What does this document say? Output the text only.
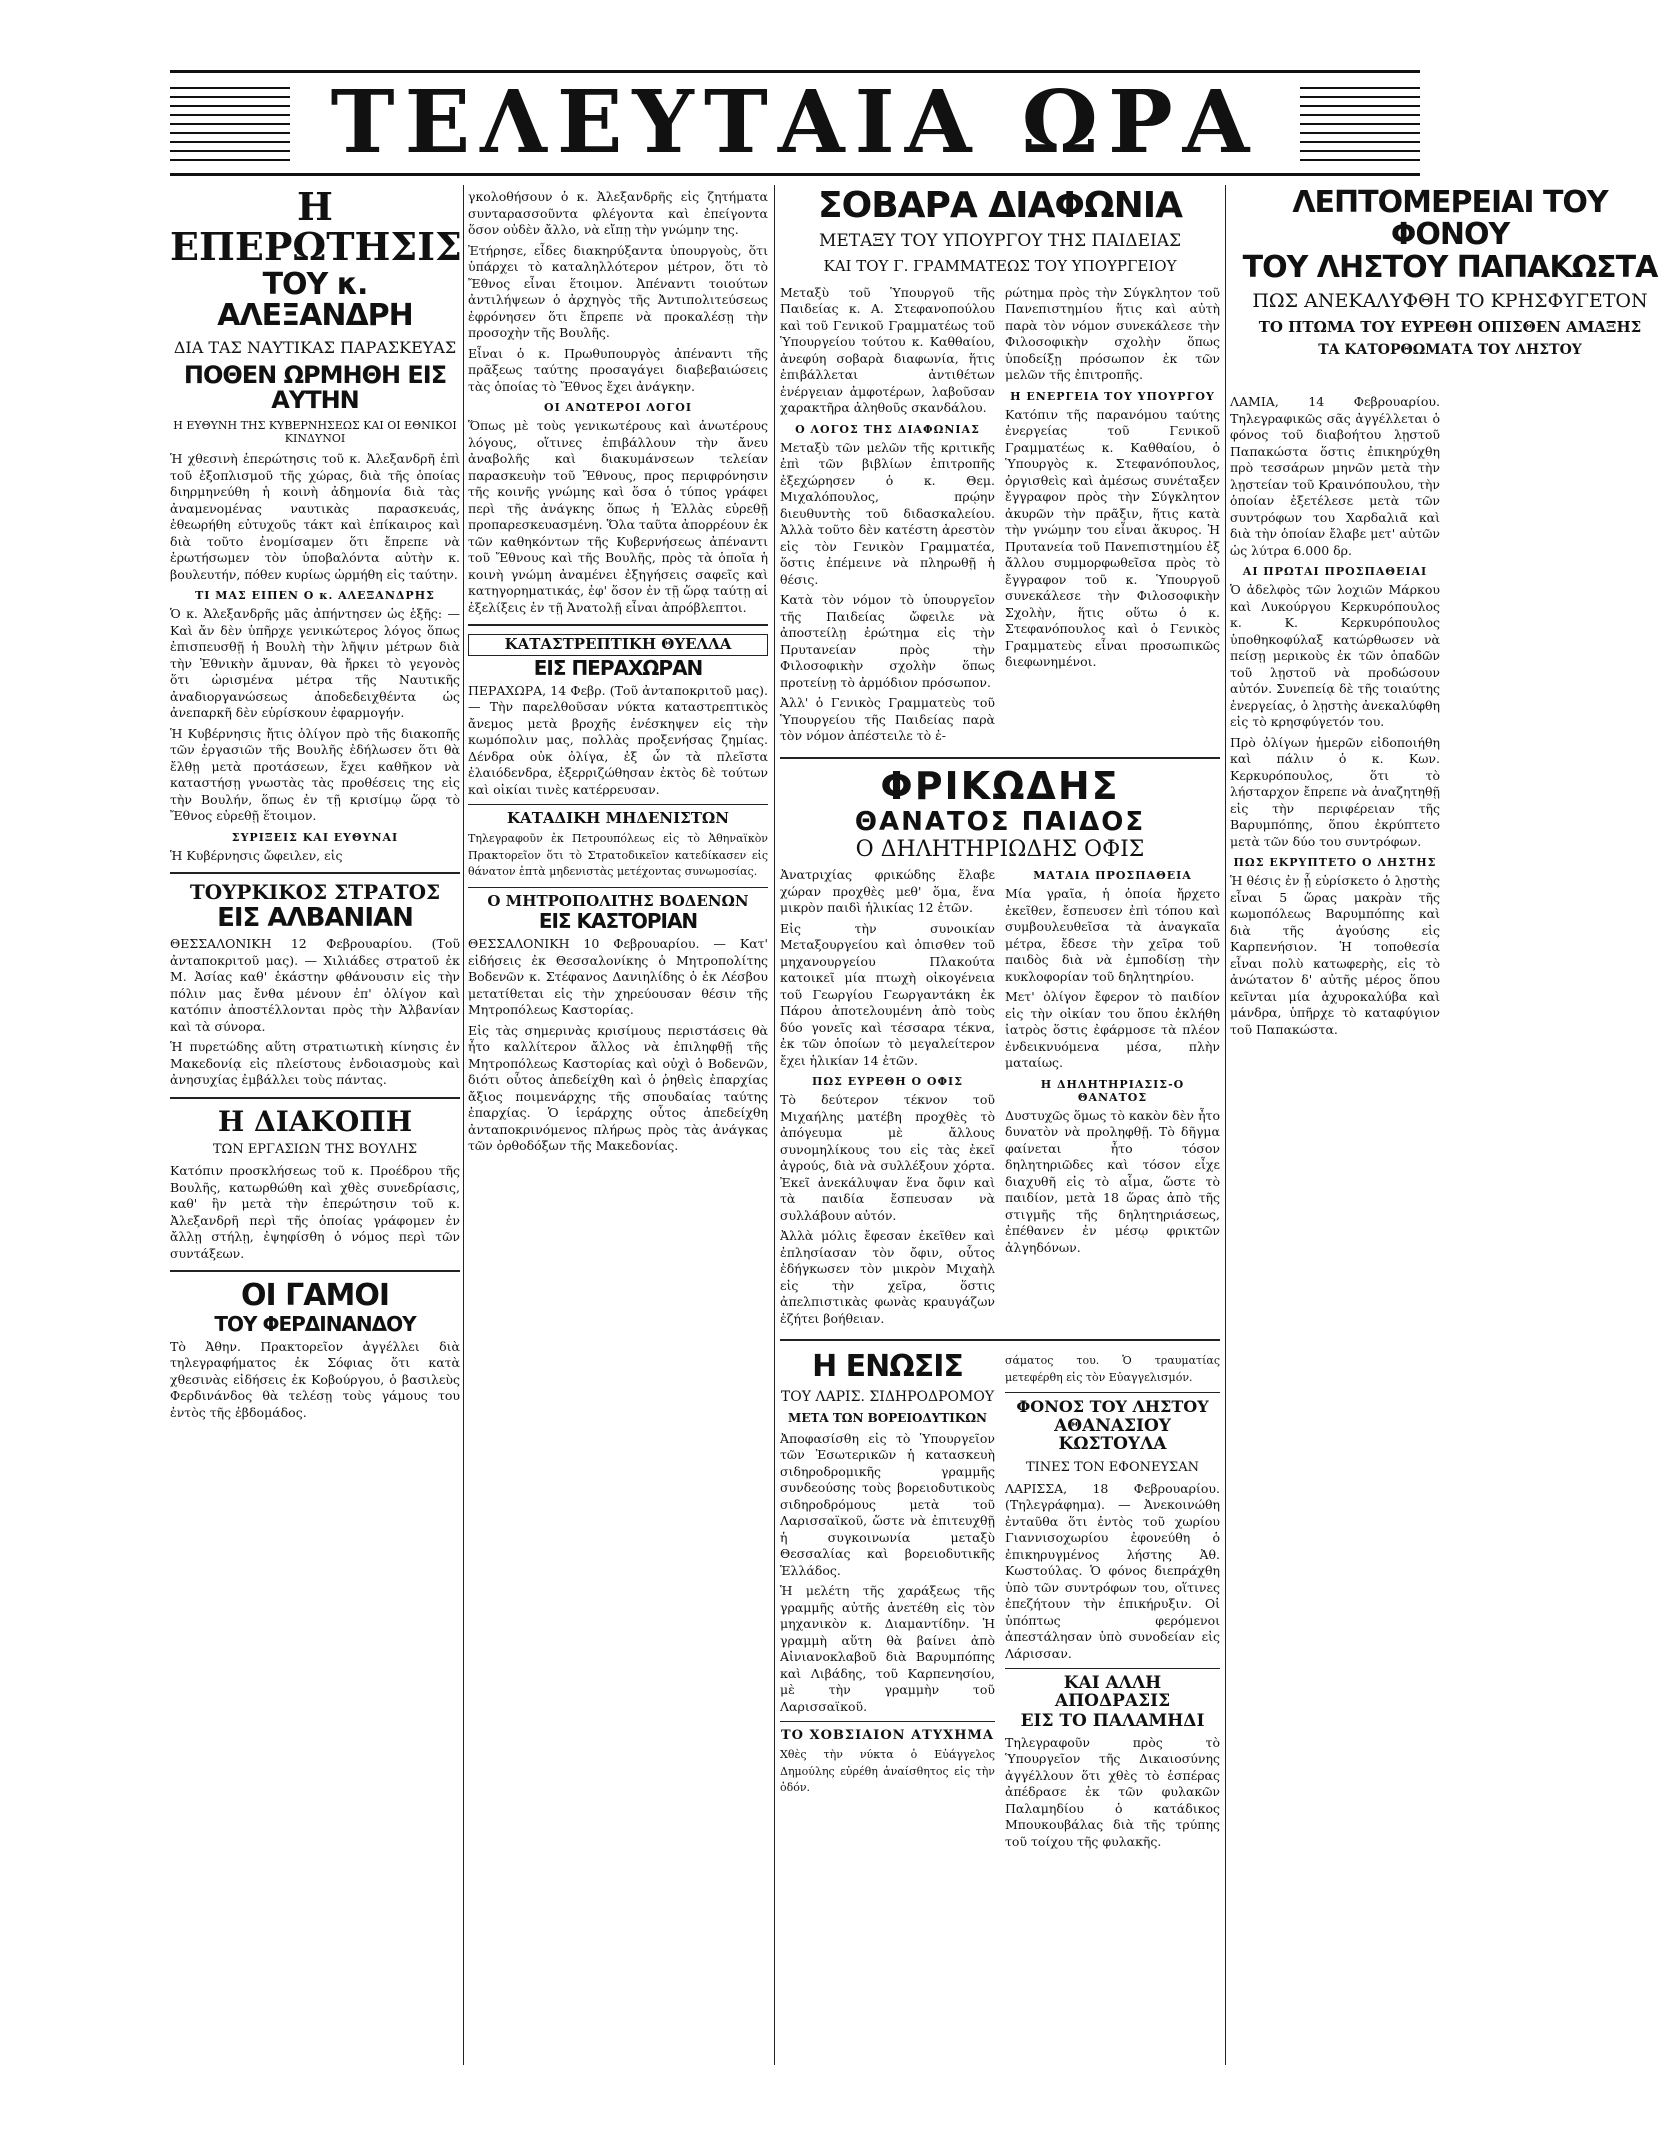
ΤΕΛΕΥΤΑΙΑ ΩΡΑ
Η ΕΠΕΡΩΤΗΣΙΣ
ΤΟΥ κ. ΑΛΕΞΑΝΔΡΗ
ΔΙΑ ΤΑΣ ΝΑΥΤΙΚΑΣ ΠΑΡΑΣΚΕΥΑΣ
ΠΟΘΕΝ ΩΡΜΗΘΗ ΕΙΣ ΑΥΤΗΝ
Η ΕΥΘΥΝΗ ΤΗΣ ΚΥΒΕΡΝΗΣΕΩΣ ΚΑΙ ΟΙ ΕΘΝΙΚΟΙ ΚΙΝΔΥΝΟΙ
Ἡ χθεσινὴ ἐπερώτησις τοῦ κ. Ἀλεξανδρῆ ἐπὶ τοῦ ἐξοπλισμοῦ τῆς χώρας, διὰ τῆς ὁποίας διηρμηνεύθη ἡ κοινὴ ἀδημονία διὰ τὰς ἀναμενομένας ναυτικὰς παρασκευάς, ἐθεωρήθη εὐτυχοῦς τάκτ καὶ ἐπίκαιρος καὶ διὰ τοῦτο ἐνομίσαμεν ὅτι ἔπρεπε νὰ ἐρωτήσωμεν τὸν ὑποβαλόντα αὐτὴν κ. βουλευτήν, πόθεν κυρίως ὡρμήθη εἰς ταύτην.
ΤΙ ΜΑΣ ΕΙΠΕΝ Ο κ. ΑΛΕΞΑΝΔΡΗΣ
Ὁ κ. Ἀλεξανδρῆς μᾶς ἀπήντησεν ὡς ἑξῆς: — Καὶ ἄν δὲν ὑπῆρχε γενικώτερος λόγος ὅπως ἐπισπευσθῇ ἡ Βουλὴ τὴν λῆψιν μέτρων διὰ τὴν Ἐθνικὴν ἄμυναν, θὰ ἤρκει τὸ γεγονὸς ὅτι ὡρισμένα μέτρα τῆς Ναυτικῆς ἀναδιοργανώσεως ἀποδεδειχθέντα ὡς ἀνεπαρκῆ δὲν εὑρίσκουν ἐφαρμογήν.
Ἡ Κυβέρνησις ἤτις ὀλίγον πρὸ τῆς διακοπῆς τῶν ἐργασιῶν τῆς Βουλῆς ἐδήλωσεν ὅτι θὰ ἔλθῃ μετὰ προτάσεων, ἔχει καθῆκον νὰ καταστήσῃ γνωστὰς τὰς προθέσεις της εἰς τὴν Βουλήν, ὅπως ἐν τῇ κρισίμῳ ὥρᾳ τὸ Ἔθνος εὑρεθῇ ἕτοιμον.
ΣΥΡΙΞΕΙΣ ΚΑΙ ΕΥΘΥΝΑΙ
Ἡ Κυβέρνησις ὤφειλεν, εἰς
ΤΟΥΡΚΙΚΟΣ ΣΤΡΑΤΟΣ
ΕΙΣ ΑΛΒΑΝΙΑΝ
ΘΕΣΣΑΛΟΝΙΚΗ 12 Φεβρουαρίου. (Τοῦ ἀνταποκριτοῦ μας). — Χιλιάδες στρατοῦ ἐκ Μ. Ἀσίας καθ' ἑκάστην φθάνουσιν εἰς τὴν πόλιν μας ἔνθα μένουν ἐπ' ὀλίγον καὶ κατόπιν ἀποστέλλονται πρὸς τὴν Ἀλβανίαν καὶ τὰ σύνορα.
Ἡ πυρετώδης αὕτη στρατιωτικὴ κίνησις ἐν Μακεδονίᾳ εἰς πλείστους ἐνδοιασμοὺς καὶ ἀνησυχίας ἐμβάλλει τοὺς πάντας.
Η ΔΙΑΚΟΠΗ
ΤΩΝ ΕΡΓΑΣΙΩΝ ΤΗΣ ΒΟΥΛΗΣ
Κατόπιν προσκλήσεως τοῦ κ. Προέδρου τῆς Βουλῆς, κατωρθώθη καὶ χθὲς συνεδρίασις, καθ' ἣν μετὰ τὴν ἐπερώτησιν τοῦ κ. Ἀλεξανδρῆ περὶ τῆς ὁποίας γράφομεν ἐν ἄλλῃ στήλῃ, ἐψηφίσθη ὁ νόμος περὶ τῶν συντάξεων.
ΟΙ ΓΑΜΟΙ
ΤΟΥ ΦΕΡΔΙΝΑΝΔΟΥ
Τὸ Ἀθην. Πρακτορεῖον ἀγγέλλει διὰ τηλεγραφήματος ἐκ Σόφιας ὅτι κατὰ χθεσινὰς εἰδήσεις ἐκ Κοβούργου, ὁ βασιλεὺς Φερδινάνδος θὰ τελέσῃ τοὺς γάμους του ἐντὸς τῆς ἐβδομάδος.
γκολοθήσουν ὁ κ. Ἀλεξανδρῆς εἰς ζητήματα συνταρασσοῦντα φλέγοντα καὶ ἐπείγοντα ὅσον οὐδὲν ἄλλο, νὰ εἴπῃ τὴν γνώμην της.
Ἐτήρησε, εἶδες διακηρύξαντα ὑπουργοὺς, ὅτι ὑπάρχει τὸ καταληλλότερον μέτρον, ὅτι τὸ Ἔθνος εἶναι ἕτοιμον. Ἀπέναντι τοιούτων ἀντιλήψεων ὁ ἀρχηγὸς τῆς Ἀντιπολιτεύσεως ἐφρόνησεν ὅτι ἔπρεπε νὰ προκαλέσῃ τὴν προσοχὴν τῆς Βουλῆς.
Εἶναι ὁ κ. Πρωθυπουργὸς ἀπέναντι τῆς πρᾶξεως ταύτης προσαγάγει διαβεβαιώσεις τὰς ὁποίας τὸ Ἔθνος ἔχει ἀνάγκην.
ΟΙ ΑΝΩΤΕΡΟΙ ΛΟΓΟΙ
Ὅπως μὲ τοὺς γενικωτέρους καὶ ἀνωτέρους λόγους, οἵτινες ἐπιβάλλουν τὴν ἄνευ ἀναβολῆς καὶ διακυμάνσεων τελείαν παρασκευὴν τοῦ Ἔθνους, προς περιφρόνησιν τῆς κοινῆς γνώμης καὶ ὅσα ὁ τύπος γράφει περὶ τῆς ἀνάγκης ὅπως ἡ Ἑλλὰς εὑρεθῇ προπαρεσκευασμένη. Ὅλα ταῦτα ἀπορρέουν ἐκ τῶν καθηκόντων τῆς Κυβερνήσεως ἀπέναντι τοῦ Ἔθνους καὶ τῆς Βουλῆς, πρὸς τὰ ὁποῖα ἡ κοινὴ γνώμη ἀναμένει ἐξηγήσεις σαφεῖς καὶ κατηγορηματικάς, ἐφ' ὅσον ἐν τῇ ὥρᾳ ταύτῃ αἱ ἐξελίξεις ἐν τῇ Ἀνατολῇ εἶναι ἀπρόβλεπτοι.
ΚΑΤΑΣΤΡΕΠΤΙΚΗ ΘΥΕΛΛΑ
ΕΙΣ ΠΕΡΑΧΩΡΑΝ
ΠΕΡΑΧΩΡΑ, 14 Φεβρ. (Τοῦ ἀνταποκριτοῦ μας). — Τὴν παρελθοῦσαν νύκτα καταστρεπτικὸς ἄνεμος μετὰ βροχῆς ἐνέσκηψεν εἰς τὴν κωμόπολιν μας, πολλὰς προξενήσας ζημίας. Δένδρα οὐκ ὀλίγα, ἐξ ὧν τὰ πλεῖστα ἐλαιόδενδρα, ἐξερριζώθησαν ἐκτὸς δὲ τούτων καὶ οἰκίαι τινὲς κατέρρευσαν.
ΚΑΤΑΔΙΚΗ ΜΗΔΕΝΙΣΤΩΝ
Τηλεγραφοῦν ἐκ Πετρουπόλεως εἰς τὸ Ἀθηναϊκὸν Πρακτορεῖον ὅτι τὸ Στρατοδικεῖον κατεδίκασεν εἰς θάνατον ἑπτὰ μηδενιστὰς μετέχοντας συνωμοσίας.
Ο ΜΗΤΡΟΠΟΛΙΤΗΣ ΒΟΔΕΝΩΝ
ΕΙΣ ΚΑΣΤΟΡΙΑΝ
ΘΕΣΣΑΛΟΝΙΚΗ 10 Φεβρουαρίου. — Κατ' εἰδήσεις ἐκ Θεσσαλονίκης ὁ Μητροπολίτης Βοδενῶν κ. Στέφανος Δανιηλίδης ὁ ἐκ Λέσβου μετατίθεται εἰς τὴν χηρεύουσαν θέσιν τῆς Μητροπόλεως Καστορίας.
Εἰς τὰς σημερινὰς κρισίμους περιστάσεις θὰ ἦτο καλλίτερον ἄλλος νὰ ἐπιληφθῇ τῆς Μητροπόλεως Καστορίας καὶ οὐχὶ ὁ Βοδενῶν, διότι οὗτος ἀπεδείχθη καὶ ὁ ῥηθεὶς ἐπαρχίας ἄξιος ποιμενάρχης τῆς σπουδαίας ταύτης ἐπαρχίας. Ὁ ἱεράρχης οὗτος ἀπεδείχθη ἀνταποκρινόμενος πλήρως πρὸς τὰς ἀνάγκας τῶν ὀρθοδόξων τῆς Μακεδονίας.
ΣΟΒΑΡΑ ΔΙΑΦΩΝΙΑ
ΜΕΤΑΞΥ ΤΟΥ ΥΠΟΥΡΓΟΥ ΤΗΣ ΠΑΙΔΕΙΑΣ
ΚΑΙ ΤΟΥ Γ. ΓΡΑΜΜΑΤΕΩΣ ΤΟΥ ΥΠΟΥΡΓΕΙΟΥ
Μεταξὺ τοῦ Ὑπουργοῦ τῆς Παιδείας κ. Α. Στεφανοπούλου καὶ τοῦ Γενικοῦ Γραμματέως τοῦ Ὑπουργείου τούτου κ. Καθθαίου, ἀνεφύη σοβαρὰ διαφωνία, ἥτις ἐπιβάλλεται ἀντιθέτων ἐνέργειαν ἀμφοτέρων, λαβοῦσαν χαρακτῆρα ἀληθοῦς σκανδάλου.
Ο ΛΟΓΟΣ ΤΗΣ ΔΙΑΦΩΝΙΑΣ
Μεταξὺ τῶν μελῶν τῆς κριτικῆς ἐπὶ τῶν βιβλίων ἐπιτροπῆς ἐξεχώρησεν ὁ κ. Θεμ. Μιχαλόπουλος, πρῴην διευθυντὴς τοῦ διδασκαλείου. Ἀλλὰ τοῦτο δὲν κατέστη ἀρεστὸν εἰς τὸν Γενικὸν Γραμματέα, ὅστις ἐπέμεινε νὰ πληρωθῇ ἡ θέσις.
Κατὰ τὸν νόμον τὸ ὑπουργεῖον τῆς Παιδείας ὤφειλε νὰ ἀποστείλῃ ἐρώτημα εἰς τὴν Πρυτανείαν πρὸς τὴν Φιλοσοφικὴν σχολὴν ὅπως προτείνῃ τὸ ἀρμόδιον πρόσωπον.
Ἀλλ' ὁ Γενικὸς Γραμματεὺς τοῦ Ὑπουργείου τῆς Παιδείας παρὰ τὸν νόμον ἀπέστειλε τὸ ἐ-
ρώτημα πρὸς τὴν Σύγκλητον τοῦ Πανεπιστημίου ἥτις καὶ αὐτὴ παρὰ τὸν νόμον συνεκάλεσε τὴν Φιλοσοφικὴν σχολὴν ὅπως ὑποδείξῃ πρόσωπον ἐκ τῶν μελῶν τῆς ἐπιτροπῆς.
Η ΕΝΕΡΓΕΙΑ ΤΟΥ ΥΠΟΥΡΓΟΥ
Κατόπιν τῆς παρανόμου ταύτης ἐνεργείας τοῦ Γενικοῦ Γραμματέως κ. Καθθαίου, ὁ Ὑπουργὸς κ. Στεφανόπουλος, ὀργισθεὶς καὶ ἀμέσως συνέταξεν ἔγγραφον πρὸς τὴν Σύγκλητον ἀκυρῶν τὴν πρᾶξιν, ἥτις κατὰ τὴν γνώμην του εἶναι ἄκυρος. Ἡ Πρυτανεία τοῦ Πανεπιστημίου ἐξ ἄλλου συμμορφωθεῖσα πρὸς τὸ ἔγγραφον τοῦ κ. Ὑπουργοῦ συνεκάλεσε τὴν Φιλοσοφικὴν Σχολὴν, ἥτις οὕτω ὁ κ. Στεφανόπουλος καὶ ὁ Γενικὸς Γραμματεὺς εἶναι προσωπικῶς διεφωνημένοι.
ΦΡΙΚΩΔΗΣ
ΘΑΝΑΤΟΣ ΠΑΙΔΟΣ
Ο ΔΗΛΗΤΗΡΙΩΔΗΣ ΟΦΙΣ
Ἀνατριχίας φρικώδης ἔλαβε χώραν προχθὲς μεθ' ὅμα, ἕνα μικρὸν παιδὶ ἡλικίας 12 ἐτῶν.
Εἰς τὴν συνοικίαν Μεταξουργείου καὶ ὁπισθεν τοῦ μηχανουργείου Πλακούτα κατοικεῖ μία πτωχὴ οἰκογένεια τοῦ Γεωργίου Γεωργαντάκη ἐκ Πάρου ἀποτελουμένη ἀπὸ τοὺς δύο γονεῖς καὶ τέσσαρα τέκνα, ἐκ τῶν ὁποίων τὸ μεγαλείτερον ἔχει ἡλικίαν 14 ἐτῶν.
ΠΩΣ ΕΥΡΕΘΗ Ο ΟΦΙΣ
Τὸ δεύτερον τέκνον τοῦ Μιχαήλης ματέβη προχθὲς τὸ ἀπόγευμα μὲ ἄλλους συνομηλίκους του εἰς τὰς ἐκεῖ ἀγρούς, διὰ νὰ συλλέξουν χόρτα. Ἐκεῖ ἀνεκάλυψαν ἕνα ὄφιν καὶ τὰ παιδία ἔσπευσαν νὰ συλλάβουν αὐτόν.
Ἀλλὰ μόλις ἔφεσαν ἐκεῖθεν καὶ ἐπλησίασαν τὸν ὄφιν, οὗτος ἐδήγκωσεν τὸν μικρὸν Μιχαὴλ εἰς τὴν χεῖρα, ὅστις ἀπελπιστικὰς φωνὰς κραυγάζων ἐζήτει βοήθειαν.
ΜΑΤΑΙΑ ΠΡΟΣΠΑΘΕΙΑ
Μία γραῖα, ἡ ὁποία ἤρχετο ἐκεῖθεν, ἔσπευσεν ἐπὶ τόπου καὶ συμβουλευθεῖσα τὰ ἀναγκαῖα μέτρα, ἔδεσε τὴν χεῖρα τοῦ παιδὸς διὰ νὰ ἐμποδίσῃ τὴν κυκλοφορίαν τοῦ δηλητηρίου.
Μετ' ὀλίγον ἔφερον τὸ παιδίον εἰς τὴν οἰκίαν του ὅπου ἐκλήθη ἰατρὸς ὅστις ἐφάρμοσε τὰ πλέον ἐνδεικνυόμενα μέσα, πλὴν ματαίως.
Η ΔΗΛΗΤΗΡΙΑΣΙΣ-Ο ΘΑΝΑΤΟΣ
Δυστυχῶς ὅμως τὸ κακὸν δὲν ἦτο δυνατὸν νὰ προληφθῇ. Τὸ δῆγμα φαίνεται ἦτο τόσον δηλητηριῶδες καὶ τόσον εἶχε διαχυθῆ εἰς τὸ αἷμα, ὥστε τὸ παιδίον, μετὰ 18 ὥρας ἀπὸ τῆς στιγμῆς τῆς δηλητηριάσεως, ἐπέθανεν ἐν μέσῳ φρικτῶν ἀλγηδόνων.
Η ΕΝΩΣΙΣ
ΤΟΥ ΛΑΡΙΣ. ΣΙΔΗΡΟΔΡΟΜΟΥ
ΜΕΤΑ ΤΩΝ ΒΟΡΕΙΟΔΥΤΙΚΩΝ
Ἀποφασίσθη εἰς τὸ Ὑπουργεῖον τῶν Ἐσωτερικῶν ἡ κατασκευὴ σιδηροδρομικῆς γραμμῆς συνδεούσης τοὺς βορειοδυτικοὺς σιδηροδρόμους μετὰ τοῦ Λαρισσαϊκοῦ, ὥστε νὰ ἐπιτευχθῇ ἡ συγκοινωνία μεταξὺ Θεσσαλίας καὶ βορειοδυτικῆς Ἑλλάδος.
Ἡ μελέτη τῆς χαράξεως τῆς γραμμῆς αὐτῆς ἀνετέθη εἰς τὸν μηχανικὸν κ. Διαμαντίδην. Ἡ γραμμὴ αὕτη θὰ βαίνει ἀπὸ Αἰνιανοκλαβοῦ διὰ Βαρυμπόπης καὶ Λιβάδης, τοῦ Καρπενησίου, μὲ τὴν γραμμὴν τοῦ Λαρισσαϊκοῦ.
ΤΟ ΧΟΒΣΙΑΙΟΝ ΑΤΥΧΗΜΑ
Χθὲς τὴν νύκτα ὁ Εὐάγγελος Δημούλης εὑρέθη ἀναίσθητος εἰς τὴν ὁδόν.
σάματος του. Ὁ τραυματίας μετεφέρθη εἰς τὸν Εὐαγγελισμόν.
ΦΟΝΟΣ ΤΟΥ ΛΗΣΤΟΥ
ΑΘΑΝΑΣΙΟΥ ΚΩΣΤΟΥΛΑ
ΤΙΝΕΣ ΤΟΝ ΕΦΟΝΕΥΣΑΝ
ΛΑΡΙΣΣΑ, 18 Φεβρουαρίου. (Τηλεγράφημα). — Ἀνεκοινώθη ἐνταῦθα ὅτι ἐντὸς τοῦ χωρίου Γιαννισοχωρίου ἐφονεύθη ὁ ἐπικηρυγμένος λήστης Ἀθ. Κωστούλας. Ὁ φόνος διεπράχθη ὑπὸ τῶν συντρόφων του, οἵτινες ἐπεζήτουν τὴν ἐπικήρυξιν. Οἱ ὑπόπτως φερόμενοι ἀπεστάλησαν ὑπὸ συνοδείαν εἰς Λάρισσαν.
ΚΑΙ ΑΛΛΗ ΑΠΟΔΡΑΣΙΣ
ΕΙΣ ΤΟ ΠΑΛΑΜΗΔΙ
Τηλεγραφοῦν πρὸς τὸ Ὑπουργεῖον τῆς Δικαιοσύνης ἀγγέλλουν ὅτι χθὲς τὸ ἑσπέρας ἀπέδρασε ἐκ τῶν φυλακῶν Παλαμηδίου ὁ κατάδικος Μπουκουβάλας διὰ τῆς τρύπης τοῦ τοίχου τῆς φυλακῆς.
ΛΕΠΤΟΜΕΡΕΙΑΙ ΤΟΥ ΦΟΝΟΥ
ΤΟΥ ΛΗΣΤΟΥ ΠΑΠΑΚΩΣΤΑ
ΠΩΣ ΑΝΕΚΑΛΥΦΘΗ ΤΟ ΚΡΗΣΦΥΓΕΤΟΝ
ΤΟ ΠΤΩΜΑ ΤΟΥ ΕΥΡΕΘΗ ΟΠΙΣΘΕΝ ΑΜΑΞΗΣ
ΤΑ ΚΑΤΟΡΘΩΜΑΤΑ ΤΟΥ ΛΗΣΤΟΥ
ΛΑΜΙΑ, 14 Φεβρουαρίου. Τηλεγραφικῶς σᾶς ἀγγέλλεται ὁ φόνος τοῦ διαβοήτου λῃστοῦ Παπακώστα ὅστις ἐπικηρύχθη πρὸ τεσσάρων μηνῶν μετὰ τὴν λῃστείαν τοῦ Κραινόπουλου, τὴν ὁποίαν ἐξετέλεσε μετὰ τῶν συντρόφων του Χαρδαλιᾶ καὶ διὰ τὴν ὁποίαν ἔλαβε μετ' αὐτῶν ὡς λύτρα 6.000 δρ.
ΑΙ ΠΡΩΤΑΙ ΠΡΟΣΠΑΘΕΙΑΙ
Ὁ ἀδελφὸς τῶν λοχιῶν Μάρκου καὶ Λυκούργου Κερκυρόπουλος κ. Κ. Κερκυρόπουλος ὑποθηκοφύλαξ κατώρθωσεν νὰ πείσῃ μερικοὺς ἐκ τῶν ὁπαδῶν τοῦ λῃστοῦ νὰ προδώσουν αὐτόν. Συνεπείᾳ δὲ τῆς τοιαύτης ἐνεργείας, ὁ λῃστὴς ἀνεκαλύφθη εἰς τὸ κρησφύγετόν του.
Πρὸ ὀλίγων ἡμερῶν εἰδοποιήθη καὶ πάλιν ὁ κ. Κων. Κερκυρόπουλος, ὅτι τὸ λήσταρχον ἔπρεπε νὰ ἀναζητηθῇ εἰς τὴν περιφέρειαν τῆς Βαρυμπόπης, ὅπου ἐκρύπτετο μετὰ τῶν δύο του συντρόφων.
ΠΩΣ ΕΚΡΥΠΤΕΤΟ Ο ΛΗΣΤΗΣ
Ἡ θέσις ἐν ᾗ εὑρίσκετο ὁ λῃστὴς εἶναι 5 ὥρας μακρὰν τῆς κωμοπόλεως Βαρυμπόπης καὶ διὰ τῆς ἀγούσης εἰς Καρπενήσιον. Ἡ τοποθεσία εἶναι πολὺ κατωφερὴς, εἰς τὸ ἀνώτατον δ' αὐτῆς μέρος ὅπου κεῖνται μία ἀχυροκαλύβα καὶ μάνδρα, ὑπῆρχε τὸ καταφύγιον τοῦ Παπακώστα.
